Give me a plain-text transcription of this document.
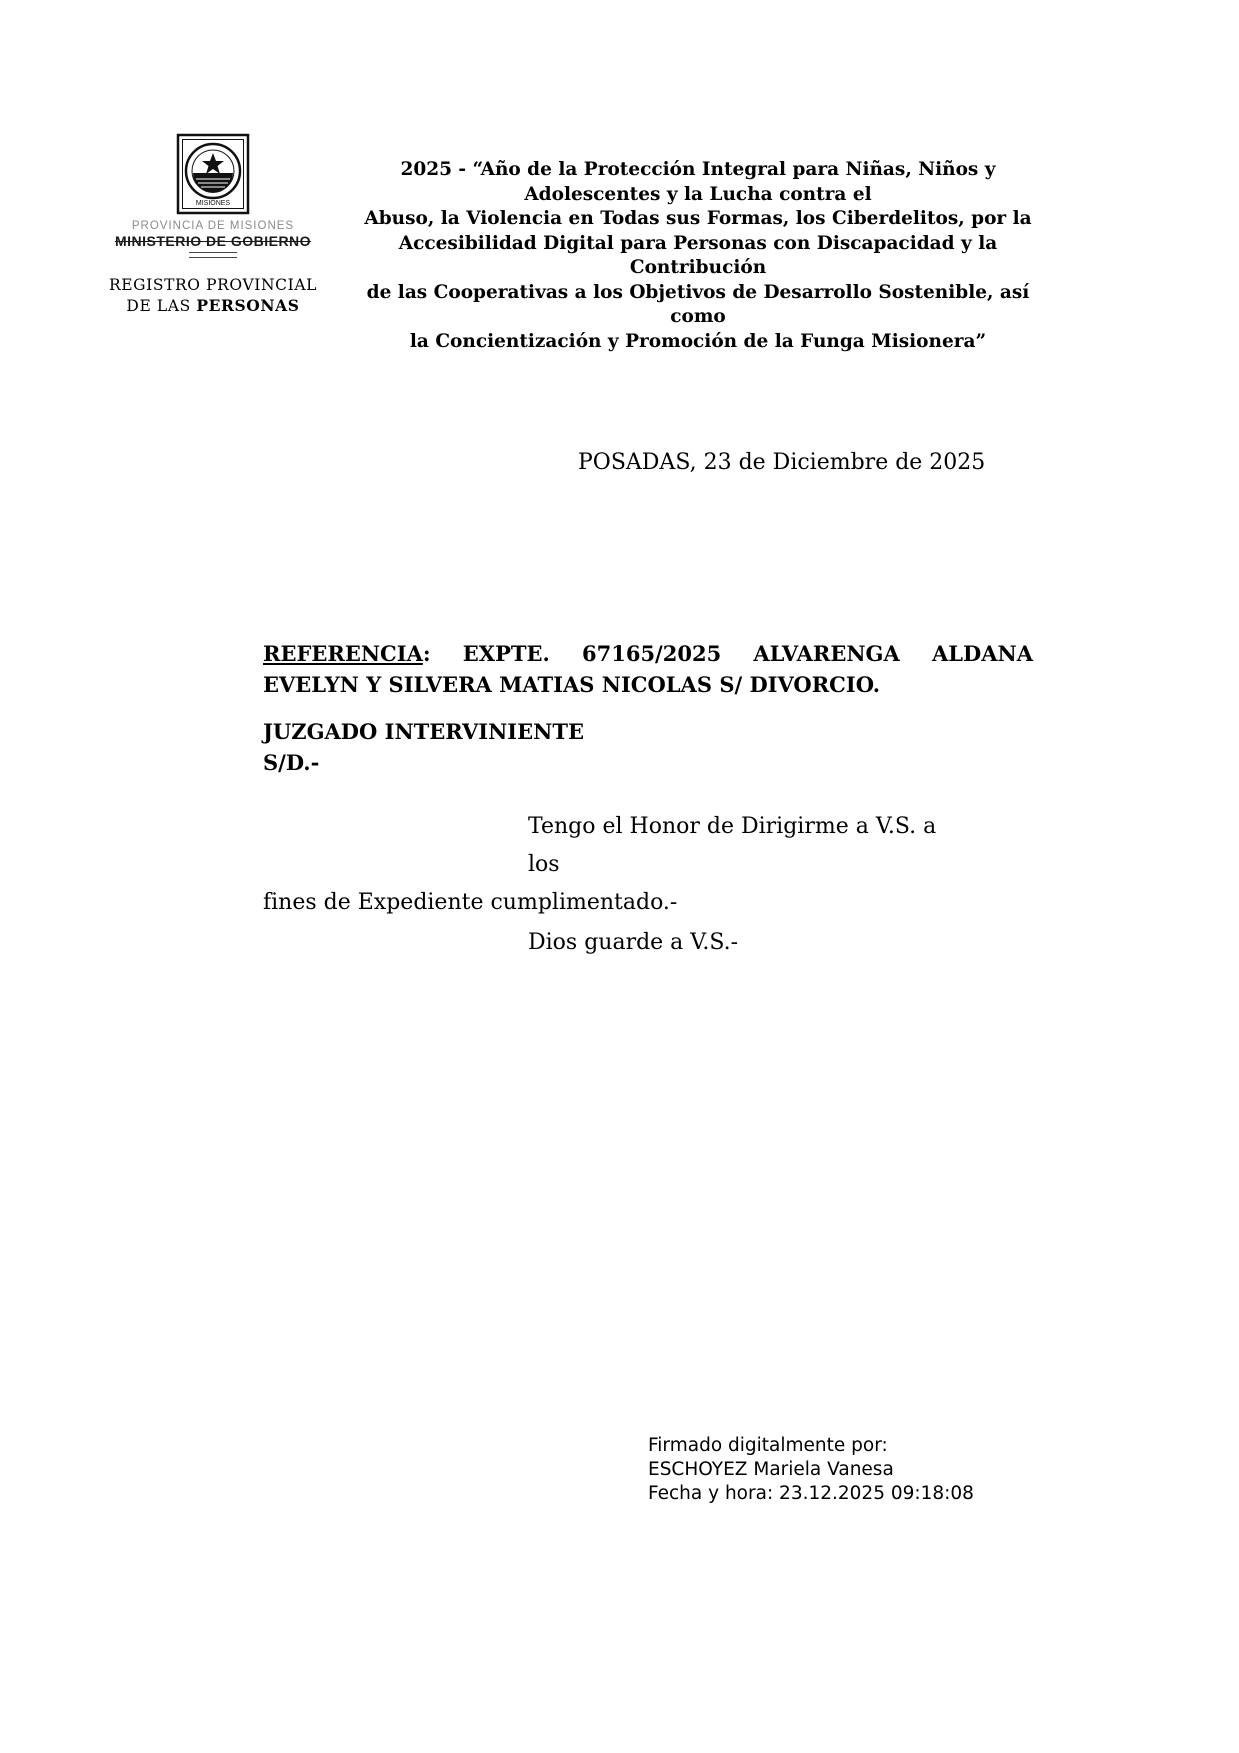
MISIONES
PROVINCIA DE MISIONES
MINISTERIO DE GOBIERNO
REGISTRO PROVINCIAL
DE LAS PERSONAS
2025 - “Año de la Protección Integral para Niñas, Niños y
Adolescentes y la Lucha contra el
Abuso, la Violencia en Todas sus Formas, los Ciberdelitos, por la
Accesibilidad Digital para Personas con Discapacidad y la Contribución
de las Cooperativas a los Objetivos de Desarrollo Sostenible, así como
la Concientización y Promoción de la Funga Misionera”
POSADAS, 23 de Diciembre de 2025
REFERENCIA: EXPTE. 67165/2025 ALVARENGA ALDANA
EVELYN Y SILVERA MATIAS NICOLAS S/ DIVORCIO.
JUZGADO INTERVINIENTE
S/D.-
Tengo el Honor de Dirigirme a V.S. a los
fines de Expediente cumplimentado.-
Dios guarde a V.S.-
Firmado digitalmente por:
ESCHOYEZ Mariela Vanesa
Fecha y hora: 23.12.2025 09:18:08
